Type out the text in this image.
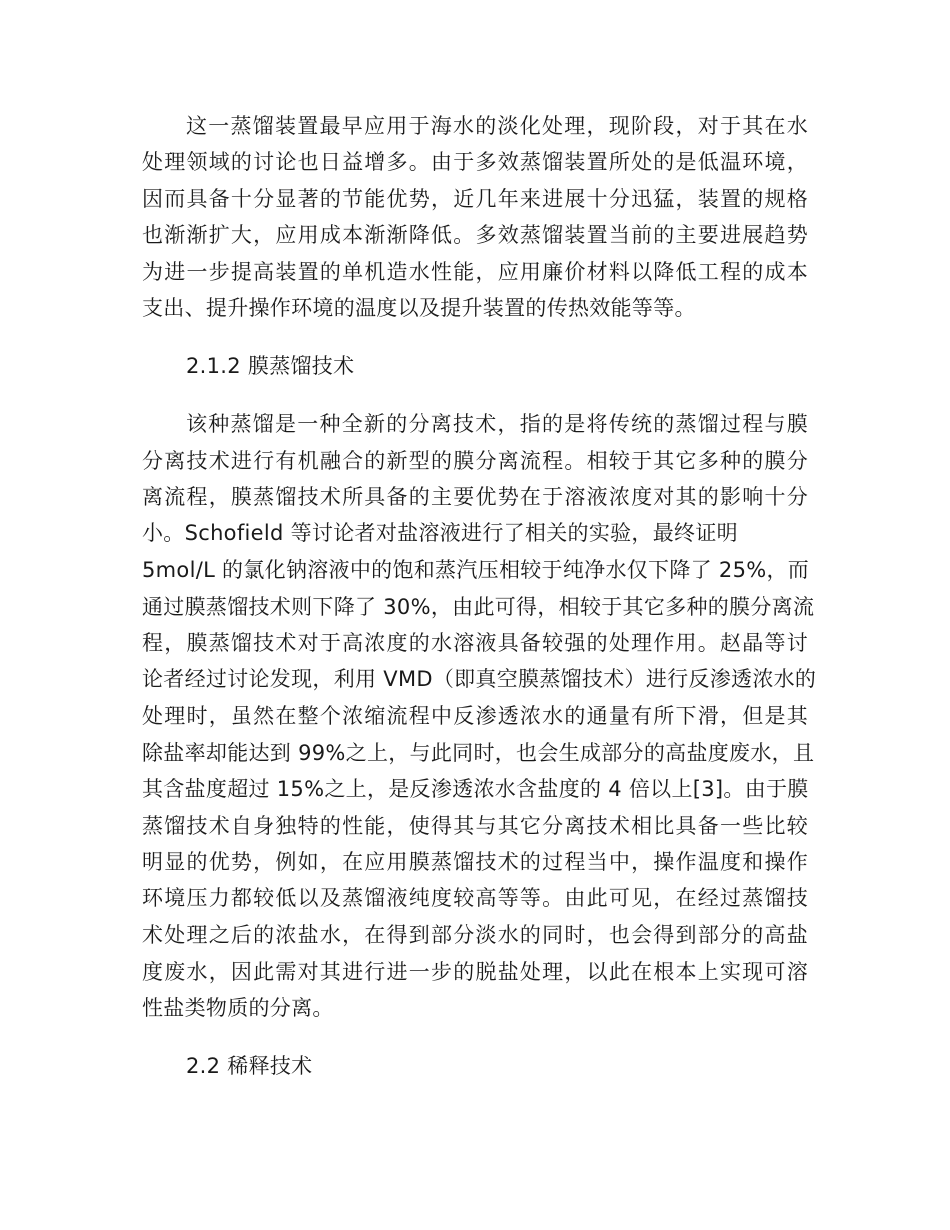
这一蒸馏装置最早应用于海水的淡化处理，现阶段，对于其在水
处理领域的讨论也日益增多。由于多效蒸馏装置所处的是低温环境，
因而具备十分显著的节能优势，近几年来进展十分迅猛，装置的规格
也渐渐扩大，应用成本渐渐降低。多效蒸馏装置当前的主要进展趋势
为进一步提高装置的单机造水性能，应用廉价材料以降低工程的成本
支出、提升操作环境的温度以及提升装置的传热效能等等。
2.1.2 膜蒸馏技术
该种蒸馏是一种全新的分离技术，指的是将传统的蒸馏过程与膜
分离技术进行有机融合的新型的膜分离流程。相较于其它多种的膜分
离流程，膜蒸馏技术所具备的主要优势在于溶液浓度对其的影响十分
小。Schofield 等讨论者对盐溶液进行了相关的实验，最终证明
5mol/L 的氯化钠溶液中的饱和蒸汽压相较于纯净水仅下降了 25%，而
通过膜蒸馏技术则下降了 30%，由此可得，相较于其它多种的膜分离流
程，膜蒸馏技术对于高浓度的水溶液具备较强的处理作用。赵晶等讨
论者经过讨论发现，利用 VMD（即真空膜蒸馏技术）进行反渗透浓水的
处理时，虽然在整个浓缩流程中反渗透浓水的通量有所下滑，但是其
除盐率却能达到 99%之上，与此同时，也会生成部分的高盐度废水，且
其含盐度超过 15%之上，是反渗透浓水含盐度的 4 倍以上[3]。由于膜
蒸馏技术自身独特的性能，使得其与其它分离技术相比具备一些比较
明显的优势，例如，在应用膜蒸馏技术的过程当中，操作温度和操作
环境压力都较低以及蒸馏液纯度较高等等。由此可见，在经过蒸馏技
术处理之后的浓盐水，在得到部分淡水的同时，也会得到部分的高盐
度废水，因此需对其进行进一步的脱盐处理，以此在根本上实现可溶
性盐类物质的分离。
2.2 稀释技术
